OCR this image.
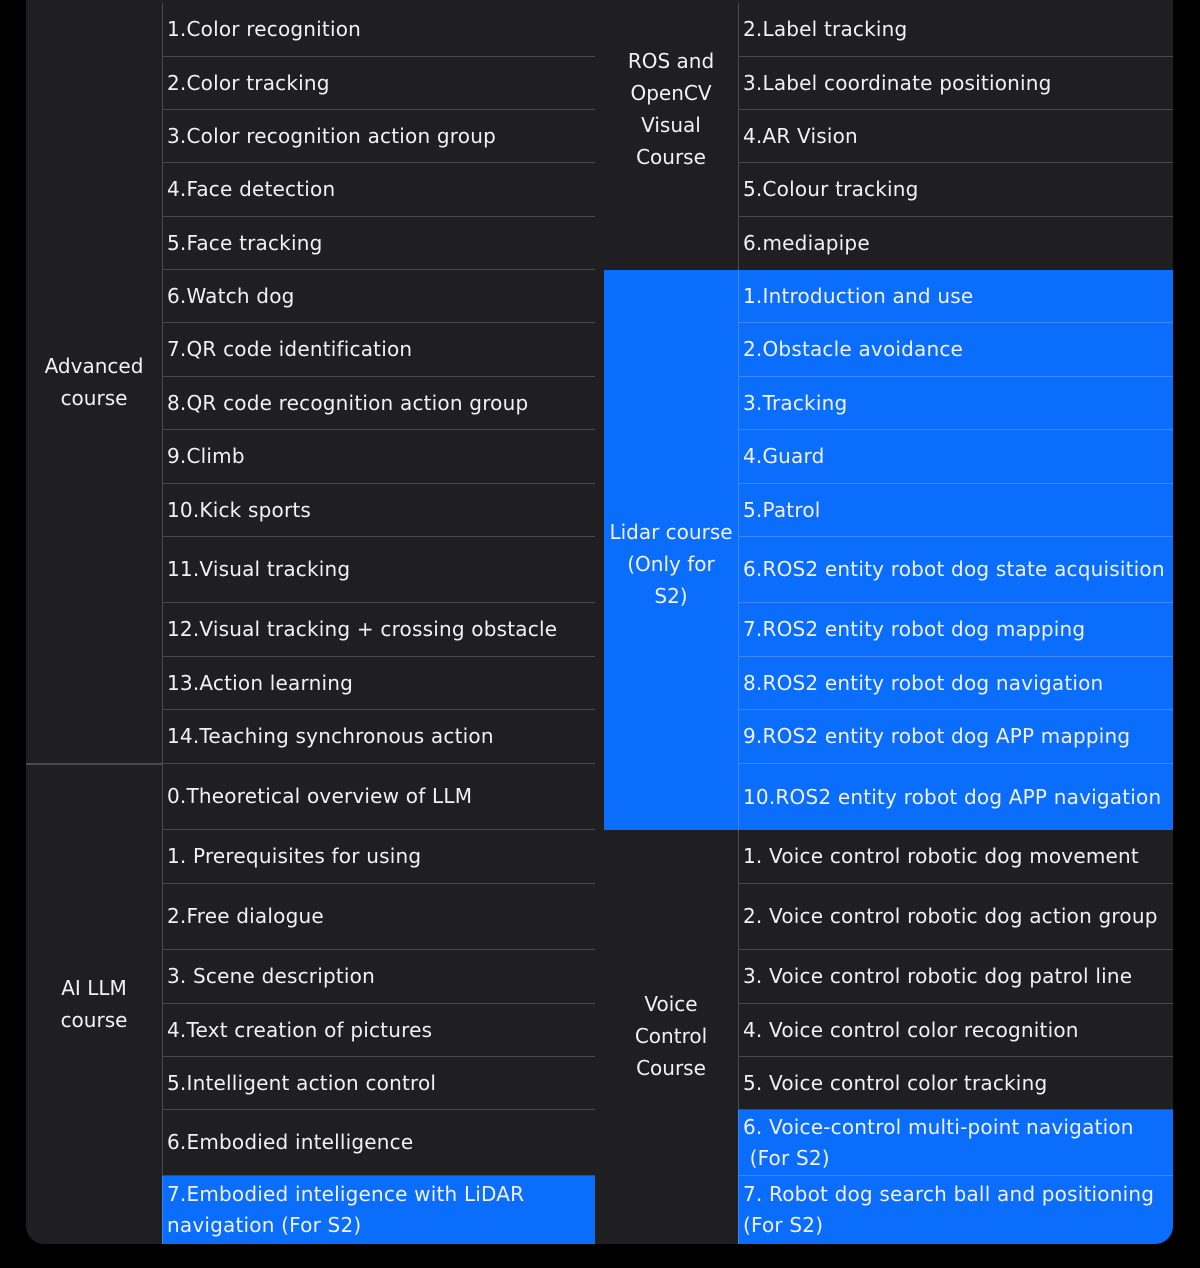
Advanced
course
1.Color recognition
2.Color tracking
3.Color recognition action group
4.Face detection
5.Face tracking
6.Watch dog
7.QR code identification
8.QR code recognition action group
9.Climb
10.Kick sports
11.Visual tracking
12.Visual tracking + crossing obstacle
13.Action learning
14.Teaching synchronous action
AI LLM
course
0.Theoretical overview of LLM
1. Prerequisites for using
2.Free dialogue
3. Scene description
4.Text creation of pictures
5.Intelligent action control
6.Embodied intelligence
7.Embodied inteligence with LiDAR
navigation (For S2)
ROS and
OpenCV
Visual
Course
2.Label tracking
3.Label coordinate positioning
4.AR Vision
5.Colour tracking
6.mediapipe
Lidar course
(Only for
S2)
1.Introduction and use
2.Obstacle avoidance
3.Tracking
4.Guard
5.Patrol
6.ROS2 entity robot dog state acquisition
7.ROS2 entity robot dog mapping
8.ROS2 entity robot dog navigation
9.ROS2 entity robot dog APP mapping
10.ROS2 entity robot dog APP navigation
Voice
Control
Course
1. Voice control robotic dog movement
2. Voice control robotic dog action group
3. Voice control robotic dog patrol line
4. Voice control color recognition
5. Voice control color tracking
6. Voice-control multi-point navigation
(For S2)
7. Robot dog search ball and positioning
(For S2)
